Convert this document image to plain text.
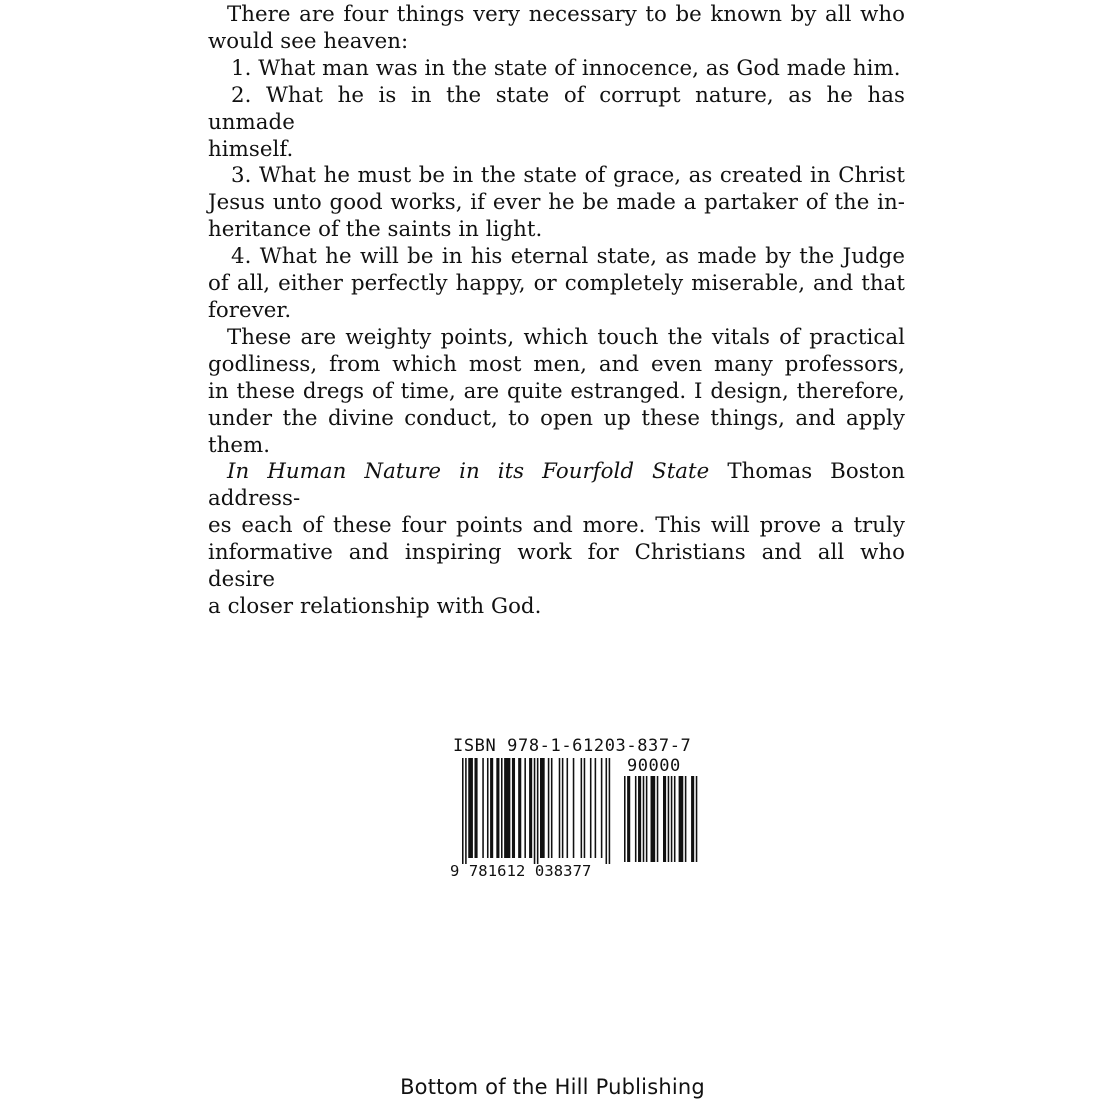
There are four things very necessary to be known by all who
would see heaven:

1. What man was in the state of innocence, as God made him.

2. What he is in the state of corrupt nature, as he has unmade
himself.

3. What he must be in the state of grace, as created in Christ
Jesus unto good works, if ever he be made a partaker of the in-
heritance of the saints in light.

4. What he will be in his eternal state, as made by the Judge
of all, either perfectly happy, or completely miserable, and that
forever.

These are weighty points, which touch the vitals of practical
godliness, from which most men, and even many professors,
in these dregs of time, are quite estranged. I design, therefore,
under the divine conduct, to open up these things, and apply
them.

In Human Nature in its Fourfold State Thomas Boston address-
es each of these four points and more. This will prove a truly
informative and inspiring work for Christians and all who desire
a closer relationship with God.

ISBN 978-1-61203-837-7
90000
9 781612 038377
Bottom of the Hill Publishing
